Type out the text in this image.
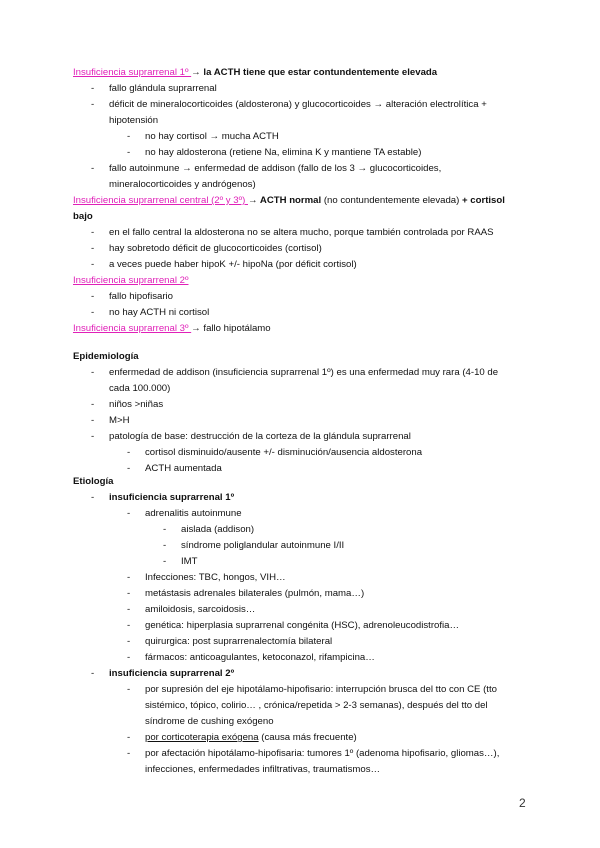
Insuficiencia suprarrenal 1º → la ACTH tiene que estar contundentemente elevada
- fallo glándula suprarrenal
- déficit de mineralocorticoides (aldosterona) y glucocorticoides → alteración electrolítica +
hipotensión
- no hay cortisol → mucha ACTH
- no hay aldosterona (retiene Na, elimina K y mantiene TA estable)
- fallo autoinmune → enfermedad de addison (fallo de los 3 → glucocorticoides,
mineralocorticoides y andrógenos)
Insuficiencia suprarrenal central (2º y 3º) → ACTH normal (no contundentemente elevada) + cortisol
bajo
- en el fallo central la aldosterona no se altera mucho, porque también controlada por RAAS
- hay sobretodo déficit de glucocorticoides (cortisol)
- a veces puede haber hipoK +/- hipoNa (por déficit cortisol)
Insuficiencia suprarrenal 2º
- fallo hipofisario
- no hay ACTH ni cortisol
Insuficiencia suprarrenal 3º → fallo hipotálamo
Epidemiología
- enfermedad de addison (insuficiencia suprarrenal 1º) es una enfermedad muy rara (4-10 de
cada 100.000)
- niños >niñas
- M>H
- patología de base: destrucción de la corteza de la glándula suprarrenal
- cortisol disminuido/ausente +/- disminución/ausencia aldosterona
- ACTH aumentada
Etiología
- insuficiencia suprarrenal 1º
- adrenalitis autoinmune
- aislada (addison)
- síndrome poliglandular autoinmune I/II
- IMT
- Infecciones: TBC, hongos, VIH…
- metástasis adrenales bilaterales (pulmón, mama…)
- amiloidosis, sarcoidosis…
- genética: hiperplasia suprarrenal congénita (HSC), adrenoleucodistrofia…
- quirurgica: post suprarrenalectomía bilateral
- fármacos: anticoagulantes, ketoconazol, rifampicina…
- insuficiencia suprarrenal 2º
- por supresión del eje hipotálamo-hipofisario: interrupción brusca del tto con CE (tto
sistémico, tópico, colirio… , crónica/repetida > 2-3 semanas), después del tto del
síndrome de cushing exógeno
- por corticoterapia exógena (causa más frecuente)
- por afectación hipotálamo-hipofisaria: tumores 1º (adenoma hipofisario, gliomas…),
infecciones, enfermedades infiltrativas, traumatismos…
2
